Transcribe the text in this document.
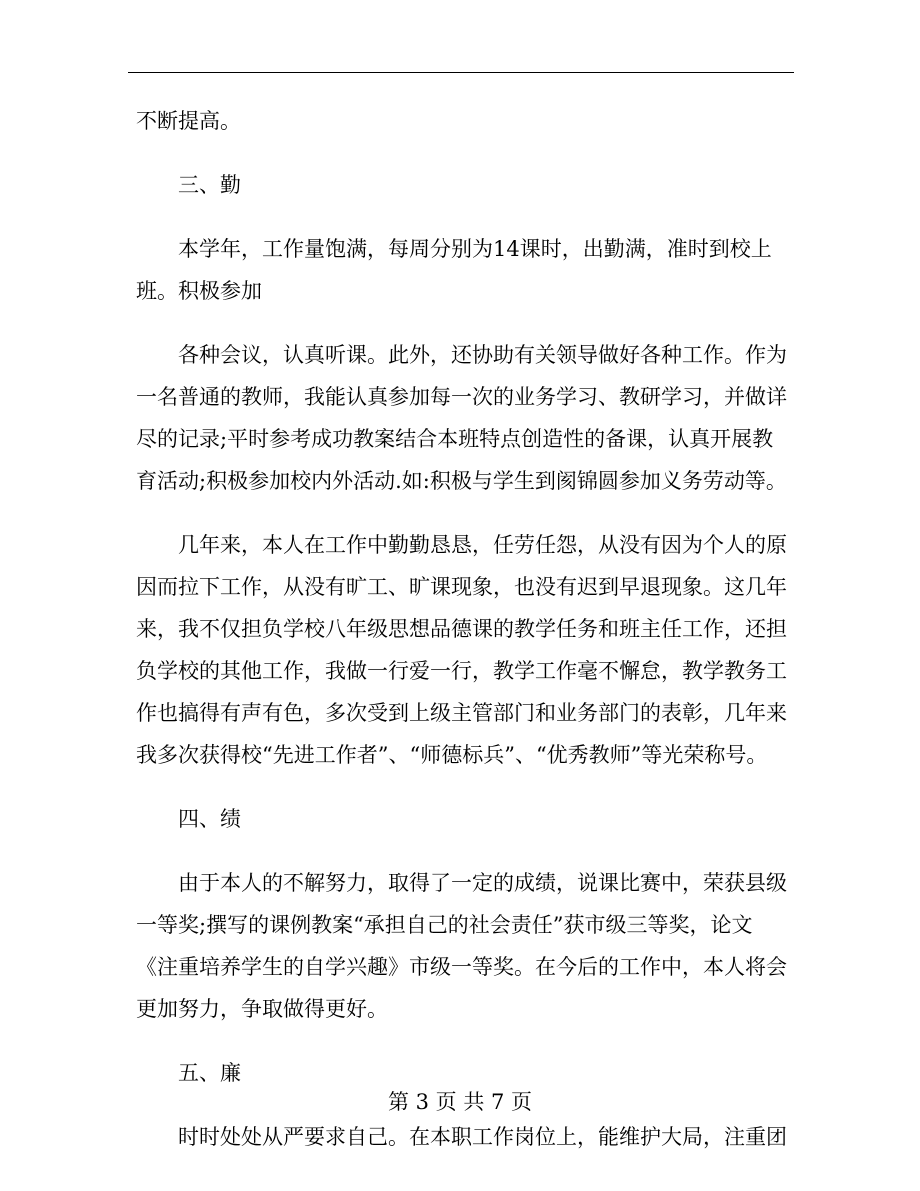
不断提高。
三、勤
本学年，工作量饱满，每周分别为14课时，出勤满，准时到校上
班。积极参加
各种会议，认真听课。此外，还协助有关领导做好各种工作。作为
一名普通的教师，我能认真参加每一次的业务学习、教研学习，并做详
尽的记录;平时参考成功教案结合本班特点创造性的备课，认真开展教
育活动;积极参加校内外活动.如:积极与学生到阂锦圆参加义务劳动等。
几年来，本人在工作中勤勤恳恳，任劳任怨，从没有因为个人的原
因而拉下工作，从没有旷工、旷课现象，也没有迟到早退现象。这几年
来，我不仅担负学校八年级思想品德课的教学任务和班主任工作，还担
负学校的其他工作，我做一行爱一行，教学工作毫不懈怠，教学教务工
作也搞得有声有色，多次受到上级主管部门和业务部门的表彰，几年来
我多次获得校“先进工作者”、“师德标兵”、“优秀教师”等光荣称号。
四、绩
由于本人的不解努力，取得了一定的成绩，说课比赛中，荣获县级
一等奖;撰写的课例教案“承担自己的社会责任”获市级三等奖，论文
《注重培养学生的自学兴趣》市级一等奖。在今后的工作中，本人将会
更加努力，争取做得更好。
五、廉
时时处处从严要求自己。在本职工作岗位上，能维护大局，注重团
第 3 页 共 7 页
